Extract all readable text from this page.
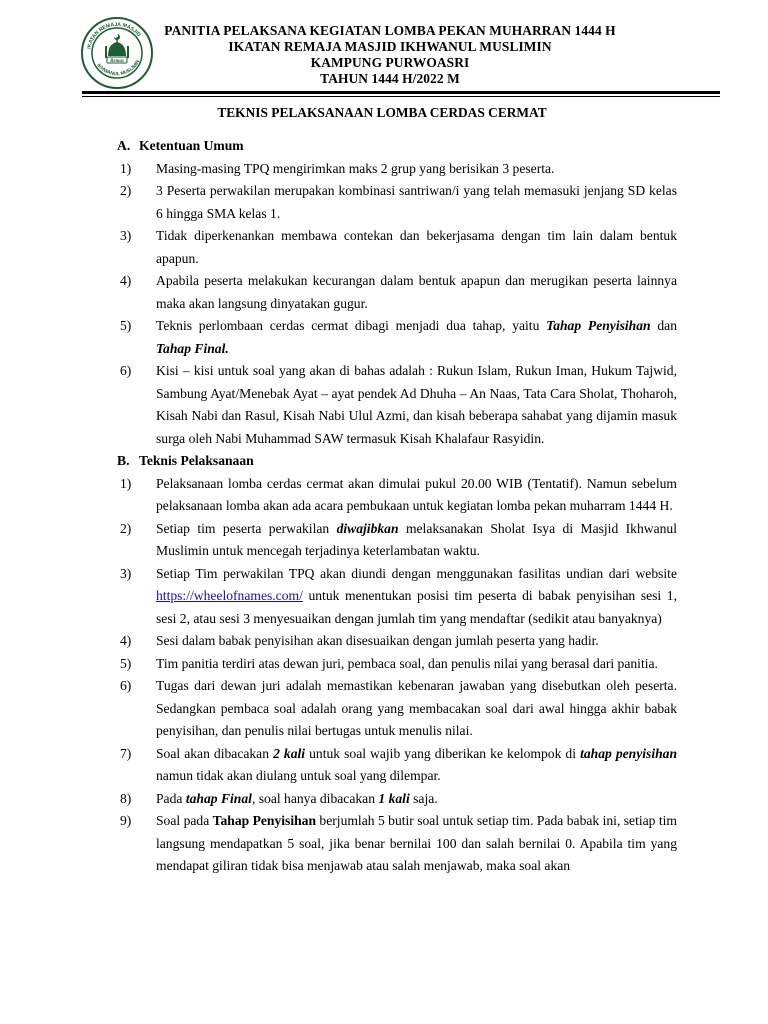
IKATAN REMAJA MASJID
IKHWANUL MUSLIMIN
Remas
PANITIA PELAKSANA KEGIATAN LOMBA PEKAN MUHARRAN 1444 H
IKATAN REMAJA MASJID IKHWANUL MUSLIMIN
KAMPUNG PURWOASRI
TAHUN 1444 H/2022 M
TEKNIS PELAKSANAAN LOMBA CERDAS CERMAT
A. Ketentuan Umum
1) Masing-masing TPQ mengirimkan maks 2 grup yang berisikan 3 peserta.
2) 3 Peserta perwakilan merupakan kombinasi santriwan/i yang telah memasuki jenjang SD kelas 6 hingga SMA kelas 1.
3) Tidak diperkenankan membawa contekan dan bekerjasama dengan tim lain dalam bentuk apapun.
4) Apabila peserta melakukan kecurangan dalam bentuk apapun dan merugikan peserta lainnya maka akan langsung dinyatakan gugur.
5) Teknis perlombaan cerdas cermat dibagi menjadi dua tahap, yaitu Tahap Penyisihan dan Tahap Final.
6) Kisi – kisi untuk soal yang akan di bahas adalah : Rukun Islam, Rukun Iman, Hukum Tajwid, Sambung Ayat/Menebak Ayat – ayat pendek Ad Dhuha – An Naas, Tata Cara Sholat, Thoharoh, Kisah Nabi dan Rasul, Kisah Nabi Ulul Azmi, dan kisah beberapa sahabat yang dijamin masuk surga oleh Nabi Muhammad SAW termasuk Kisah Khalafaur Rasyidin.
B. Teknis Pelaksanaan
1) Pelaksanaan lomba cerdas cermat akan dimulai pukul 20.00 WIB (Tentatif). Namun sebelum pelaksanaan lomba akan ada acara pembukaan untuk kegiatan lomba pekan muharram 1444 H.
2) Setiap tim peserta perwakilan diwajibkan melaksanakan Sholat Isya di Masjid Ikhwanul Muslimin untuk mencegah terjadinya keterlambatan waktu.
3) Setiap Tim perwakilan TPQ akan diundi dengan menggunakan fasilitas undian dari website https://wheelofnames.com/ untuk menentukan posisi tim peserta di babak penyisihan sesi 1, sesi 2, atau sesi 3 menyesuaikan dengan jumlah tim yang mendaftar (sedikit atau banyaknya)
4) Sesi dalam babak penyisihan akan disesuaikan dengan jumlah peserta yang hadir.
5) Tim panitia terdiri atas dewan juri, pembaca soal, dan penulis nilai yang berasal dari panitia.
6) Tugas dari dewan juri adalah memastikan kebenaran jawaban yang disebutkan oleh peserta. Sedangkan pembaca soal adalah orang yang membacakan soal dari awal hingga akhir babak penyisihan, dan penulis nilai bertugas untuk menulis nilai.
7) Soal akan dibacakan 2 kali untuk soal wajib yang diberikan ke kelompok di tahap penyisihan namun tidak akan diulang untuk soal yang dilempar.
8) Pada tahap Final, soal hanya dibacakan 1 kali saja.
9) Soal pada Tahap Penyisihan berjumlah 5 butir soal untuk setiap tim. Pada babak ini, setiap tim langsung mendapatkan 5 soal, jika benar bernilai 100 dan salah bernilai 0. Apabila tim yang mendapat giliran tidak bisa menjawab atau salah menjawab, maka soal akan
